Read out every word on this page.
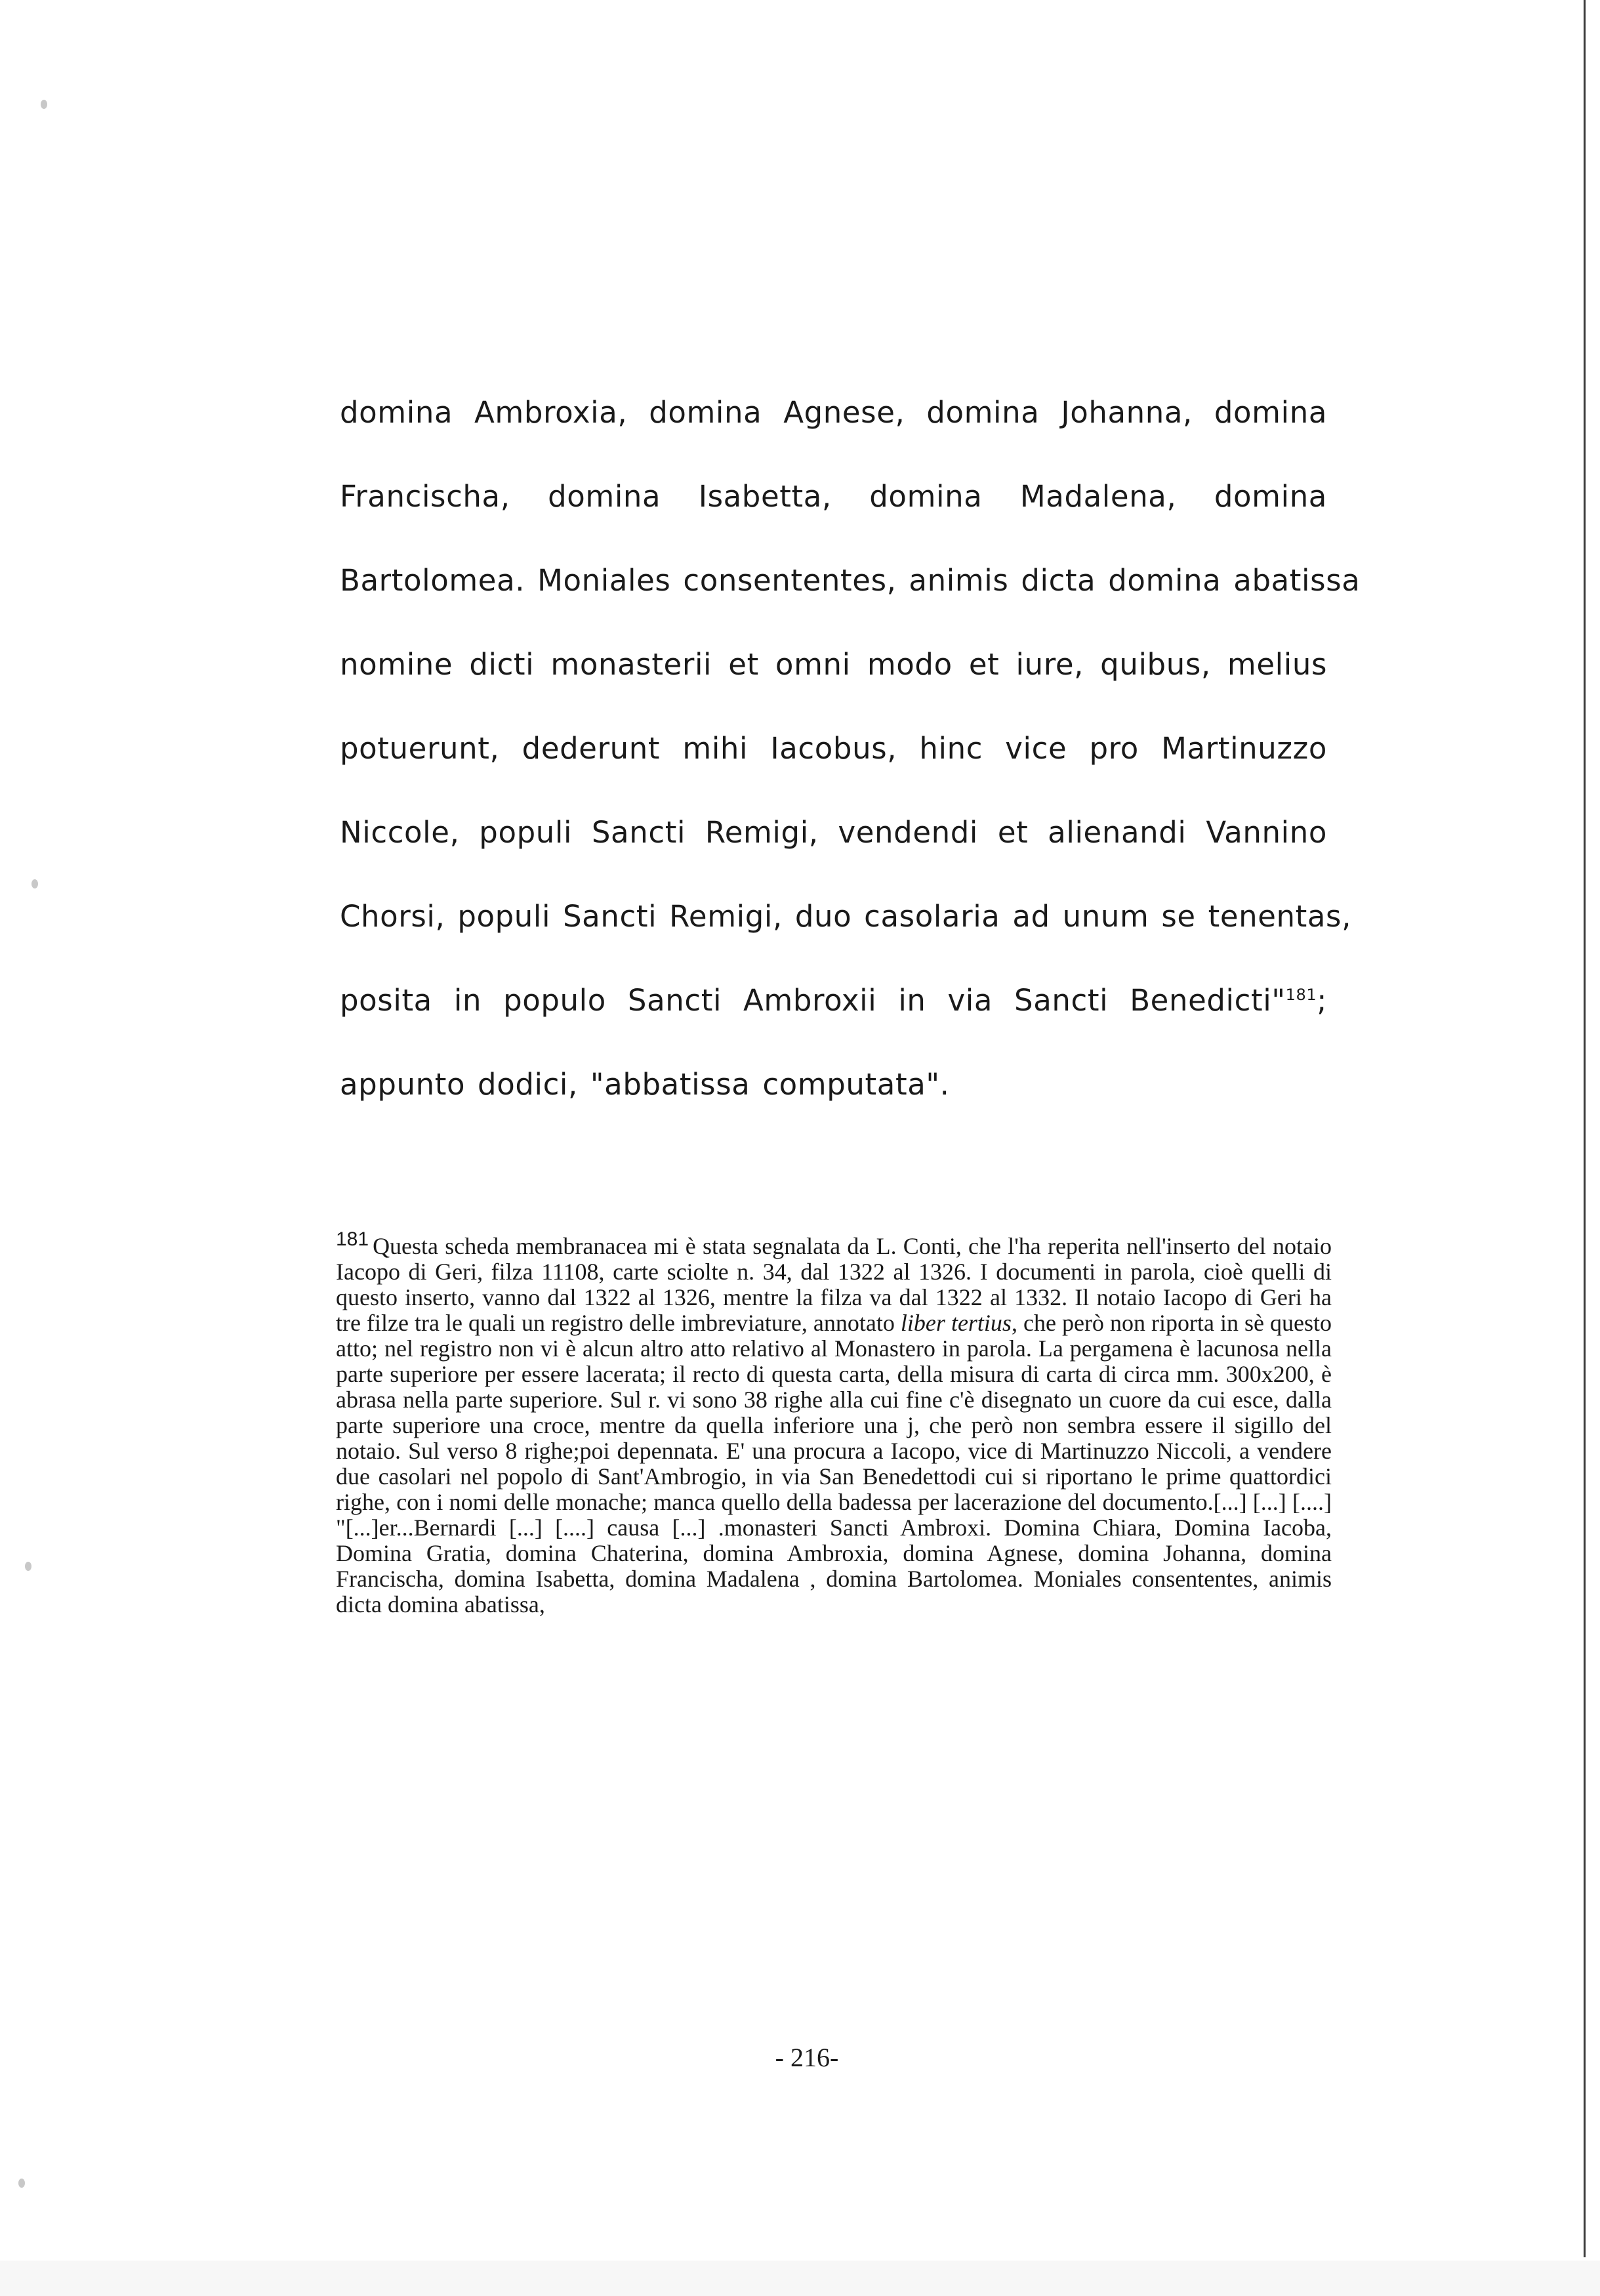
domina Ambroxia, domina Agnese, domina Johanna, domina
Francischa, domina Isabetta, domina Madalena, domina
Bartolomea. Moniales consententes, animis dicta domina abatissa
nomine dicti monasterii et omni modo et iure, quibus, melius
potuerunt, dederunt mihi Iacobus, hinc vice pro Martinuzzo
Niccole, populi Sancti Remigi, vendendi et alienandi Vannino
Chorsi, populi Sancti Remigi, duo casolaria ad unum se tenentas,
posita in populo Sancti Ambroxii in via Sancti Benedicti"$^{181}$;
appunto dodici, "abbatissa computata".
$^{181}$ Questa scheda membranacea mi è stata segnalata da L. Conti, che l'ha reperita nell'inserto del notaio Iacopo di Geri, filza 11108, carte sciolte n. 34, dal 1322 al 1326. I documenti in parola, cioè quelli di questo inserto, vanno dal 1322 al 1326, mentre la filza va dal 1322 al 1332. Il notaio Iacopo di Geri ha tre filze tra le quali un registro delle imbreviature, annotato liber tertius, che però non riporta in sè questo atto; nel registro non vi è alcun altro atto relativo al Monastero in parola. La pergamena è lacunosa nella parte superiore per essere lacerata; il recto di questa carta, della misura di carta di circa mm. 300x200, è abrasa nella parte superiore. Sul r. vi sono 38 righe alla cui fine c'è disegnato un cuore da cui esce, dalla parte superiore una croce, mentre da quella inferiore una j, che però non sembra essere il sigillo del notaio. Sul verso 8 righe;poi depennata. E' una procura a Iacopo, vice di Martinuzzo Niccoli, a vendere due casolari nel popolo di Sant'Ambrogio, in via San Benedettodi cui si riportano le prime quattordici righe, con i nomi delle monache; manca quello della badessa per lacerazione del documento.[...] [...] [....] "[...]er...Bernardi [...] [....] causa [...] .monasteri Sancti Ambroxi. Domina Chiara, Domina Iacoba, Domina Gratia, domina Chaterina, domina Ambroxia, domina Agnese, domina Johanna, domina Francischa, domina Isabetta, domina Madalena , domina Bartolomea. Moniales consententes, animis dicta domina abatissa,
- 216-
